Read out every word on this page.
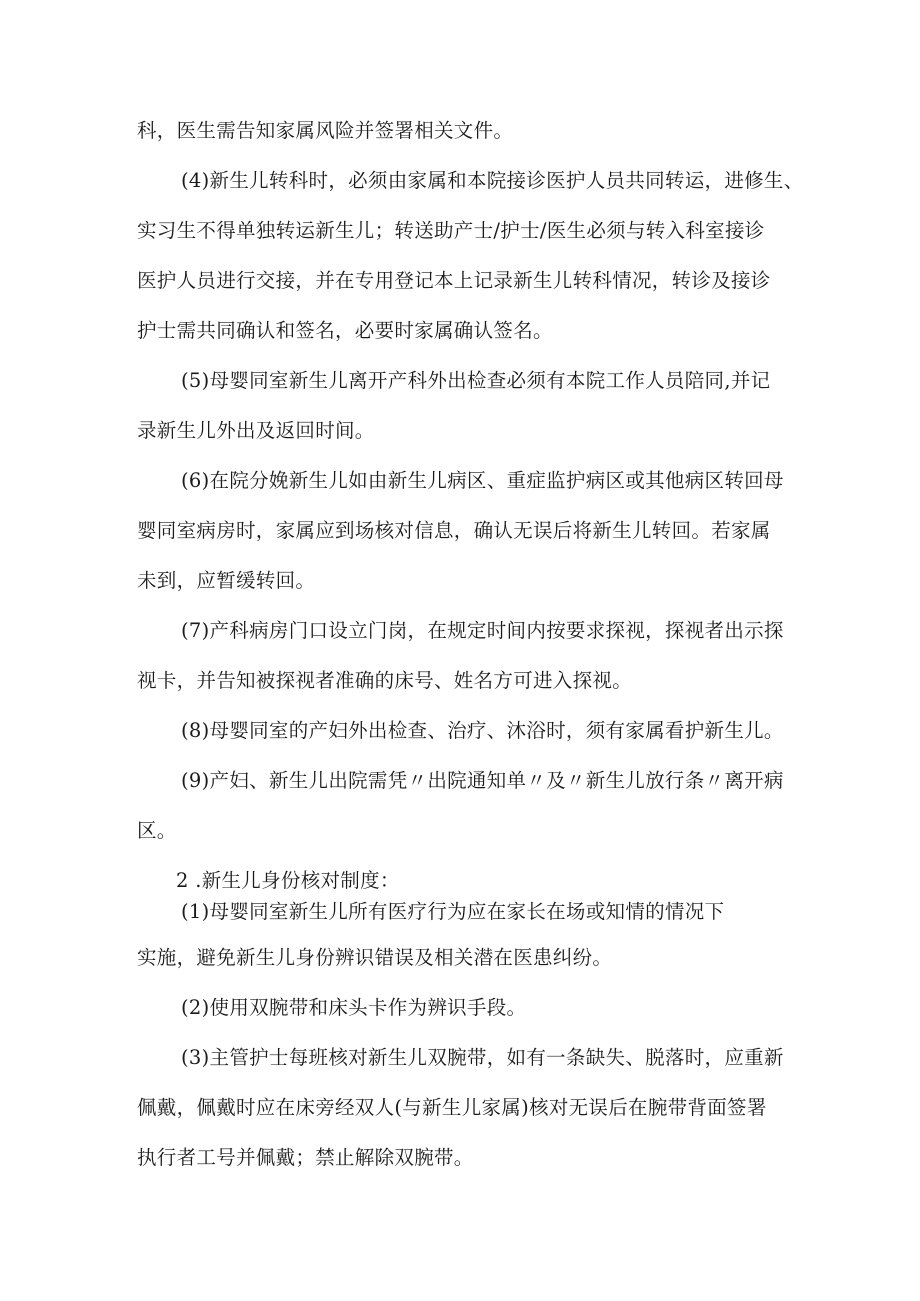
科，医生需告知家属风险并签署相关文件。
(4)新生儿转科时，必须由家属和本院接诊医护人员共同转运，进修生、
实习生不得单独转运新生儿；转送助产士/护士/医生必须与转入科室接诊
医护人员进行交接，并在专用登记本上记录新生儿转科情况，转诊及接诊
护士需共同确认和签名，必要时家属确认签名。
(5)母婴同室新生儿离开产科外出检查必须有本院工作人员陪同,并记
录新生儿外出及返回时间。
(6)在院分娩新生儿如由新生儿病区、重症监护病区或其他病区转回母
婴同室病房时，家属应到场核对信息，确认无误后将新生儿转回。若家属
未到，应暂缓转回。
(7)产科病房门口设立门岗，在规定时间内按要求探视，探视者出示探
视卡，并告知被探视者准确的床号、姓名方可进入探视。
(8)母婴同室的产妇外出检查、治疗、沐浴时，须有家属看护新生儿。
(9)产妇、新生儿出院需凭〃出院通知单〃及〃新生儿放行条〃离开病
区。
2 .新生儿身份核对制度：
(1)母婴同室新生儿所有医疗行为应在家长在场或知情的情况下
实施，避免新生儿身份辨识错误及相关潜在医患纠纷。
(2)使用双腕带和床头卡作为辨识手段。
(3)主管护士每班核对新生儿双腕带，如有一条缺失、脱落时，应重新
佩戴，佩戴时应在床旁经双人(与新生儿家属)核对无误后在腕带背面签署
执行者工号并佩戴；禁止解除双腕带。
